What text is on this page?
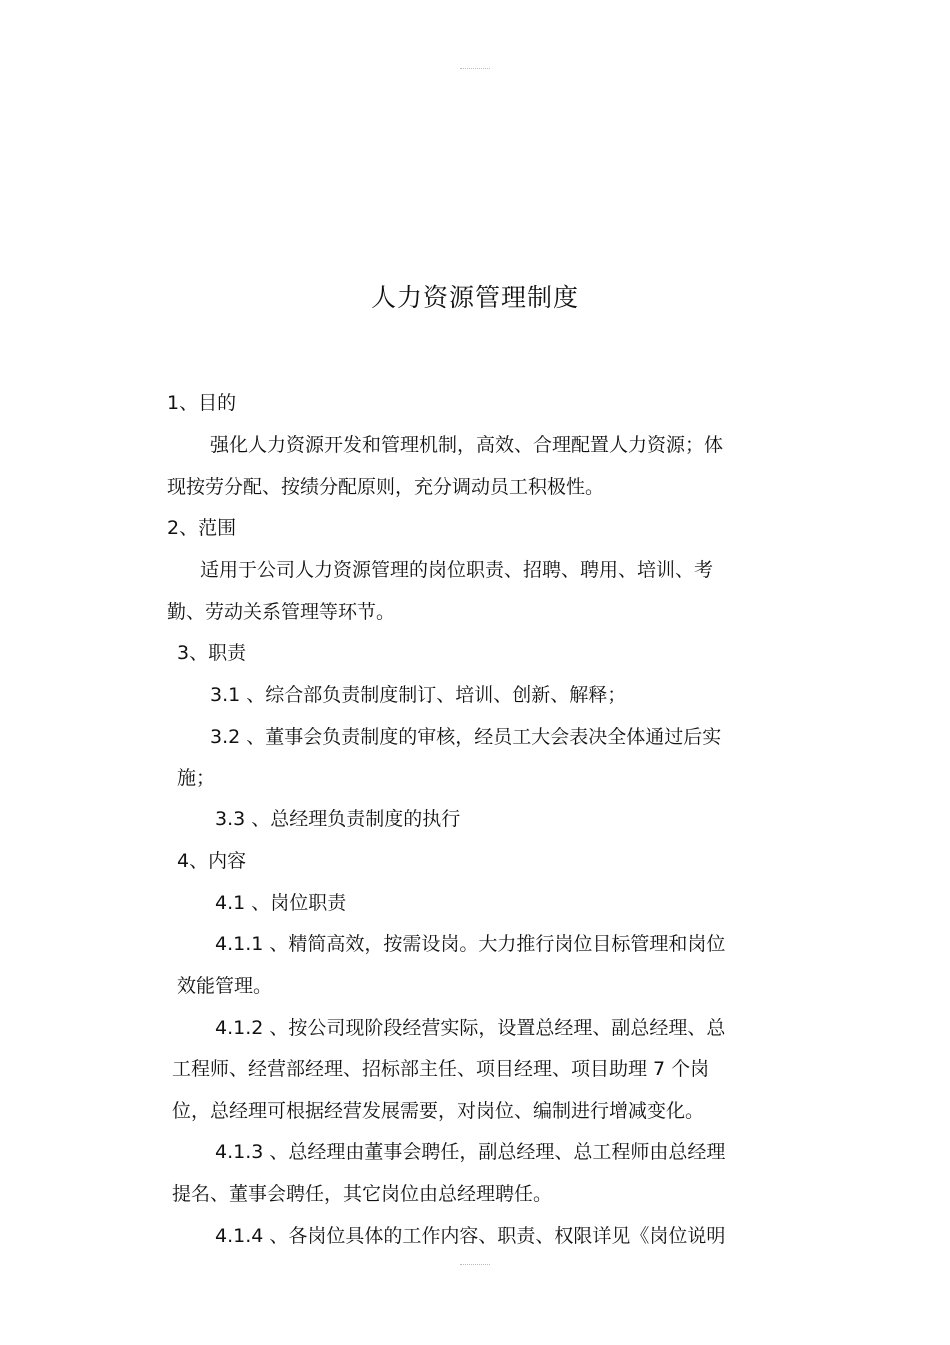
人力资源管理制度
1、目的
强化人力资源开发和管理机制，高效、合理配置人力资源；体
现按劳分配、按绩分配原则，充分调动员工积极性。
2、范围
适用于公司人力资源管理的岗位职责、招聘、聘用、培训、考
勤、劳动关系管理等环节。
3、职责
3.1 、综合部负责制度制订、培训、创新、解释；
3.2 、董事会负责制度的审核，经员工大会表决全体通过后实
施；
3.3 、总经理负责制度的执行
4、内容
4.1 、岗位职责
4.1.1 、精简高效，按需设岗。大力推行岗位目标管理和岗位
效能管理。
4.1.2 、按公司现阶段经营实际，设置总经理、副总经理、总
工程师、经营部经理、招标部主任、项目经理、项目助理 7 个岗
位，总经理可根据经营发展需要，对岗位、编制进行增减变化。
4.1.3 、总经理由董事会聘任，副总经理、总工程师由总经理
提名、董事会聘任，其它岗位由总经理聘任。
4.1.4 、各岗位具体的工作内容、职责、权限详见《岗位说明
